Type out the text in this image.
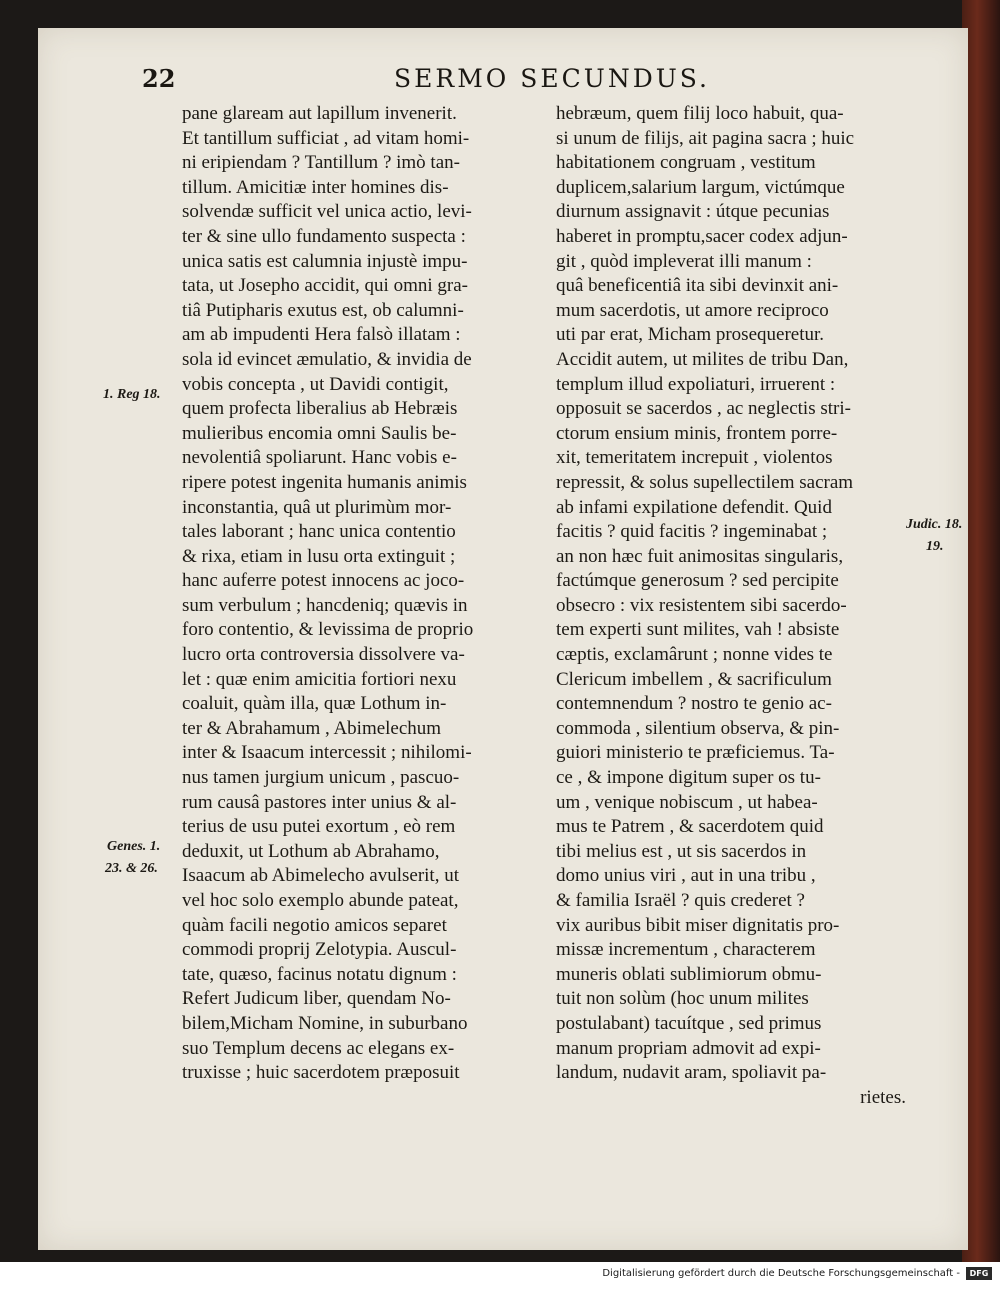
22	SERMO SECUNDUS.
pane glaream aut lapillum invenerit.
Et tantillum sufficiat , ad vitam homi-
ni eripiendam ? Tantillum ? imò tan-
tillum. Amicitiæ inter homines dis-
solvendæ sufficit vel unica actio, levi-
ter & sine ullo fundamento suspecta :
unica satis est calumnia injustè impu-
tata, ut Josepho accidit, qui omni gra-
tiâ Putipharis exutus est, ob calumni-
am ab impudenti Hera falsò illatam :
sola id evincet æmulatio, & invidia de
vobis concepta , ut Davidi contigit,
quem profecta liberalius ab Hebræis
mulieribus encomia omni Saulis be-
nevolentiâ spoliarunt. Hanc vobis e-
ripere potest ingenita humanis animis
inconstantia, quâ ut plurimùm mor-
tales laborant ; hanc unica contentio
& rixa, etiam in lusu orta extinguit ;
hanc auferre potest innocens ac joco-
sum verbulum ; hancdeniq; quævis in
foro contentio, & levissima de proprio
lucro orta controversia dissolvere va-
let : quæ enim amicitia fortiori nexu
coaluit, quàm illa, quæ Lothum in-
ter & Abrahamum , Abimelechum
inter & Isaacum intercessit ; nihilomi-
nus tamen jurgium unicum , pascuo-
rum causâ pastores inter unius & al-
terius de usu putei exortum , eò rem
deduxit, ut Lothum ab Abrahamo,
Isaacum ab Abimelecho avulserit, ut
vel hoc solo exemplo abunde pateat,
quàm facili negotio amicos separet
commodi proprij Zelotypia. Auscul-
tate, quæso, facinus notatu dignum :
Refert Judicum liber, quendam No-
bilem,Micham Nomine, in suburbano
suo Templum decens ac elegans ex-
truxisse ; huic sacerdotem præposuit
hebræum, quem filij loco habuit, qua-
si unum de filijs, ait pagina sacra ; huic
habitationem congruam , vestitum
duplicem,salarium largum, victúmque
diurnum assignavit : útque pecunias
haberet in promptu,sacer codex adjun-
git , quòd impleverat illi manum :
quâ beneficentiâ ita sibi devinxit ani-
mum sacerdotis, ut amore reciproco
uti par erat, Micham prosequeretur.
Accidit autem, ut milites de tribu Dan,
templum illud expoliaturi, irruerent :
opposuit se sacerdos , ac neglectis stri-
ctorum ensium minis, frontem porre-
xit, temeritatem increpuit , violentos
repressit, & solus supellectilem sacram
ab infami expilatione defendit. Quid
facitis ? quid facitis ? ingeminabat ;
an non hæc fuit animositas singularis,
factúmque generosum ? sed percipite
obsecro : vix resistentem sibi sacerdo-
tem experti sunt milites, vah ! absiste
cæptis, exclamârunt ; nonne vides te
Clericum imbellem , & sacrificulum
contemnendum ? nostro te genio ac-
commoda , silentium observa, & pin-
guiori ministerio te præficiemus. Ta-
ce , & impone digitum super os tu-
um , venique nobiscum , ut habea-
mus te Patrem , & sacerdotem quid
tibi melius est , ut sis sacerdos in
domo unius viri , aut in una tribu ,
& familia Israël ? quis crederet ?
vix auribus bibit miser dignitatis pro-
missæ incrementum , characterem
muneris oblati sublimiorum obmu-
tuit non solùm (hoc unum milites
postulabant) tacuítque , sed primus
manum propriam admovit ad expi-
landum, nudavit aram, spoliavit pa-
rietes.
1. Reg 18.
Genes. 1.
23. & 26.
Judic. 18.
19.
Digitalisierung gefördert durch die Deutsche Forschungsgemeinschaft -	DFG
